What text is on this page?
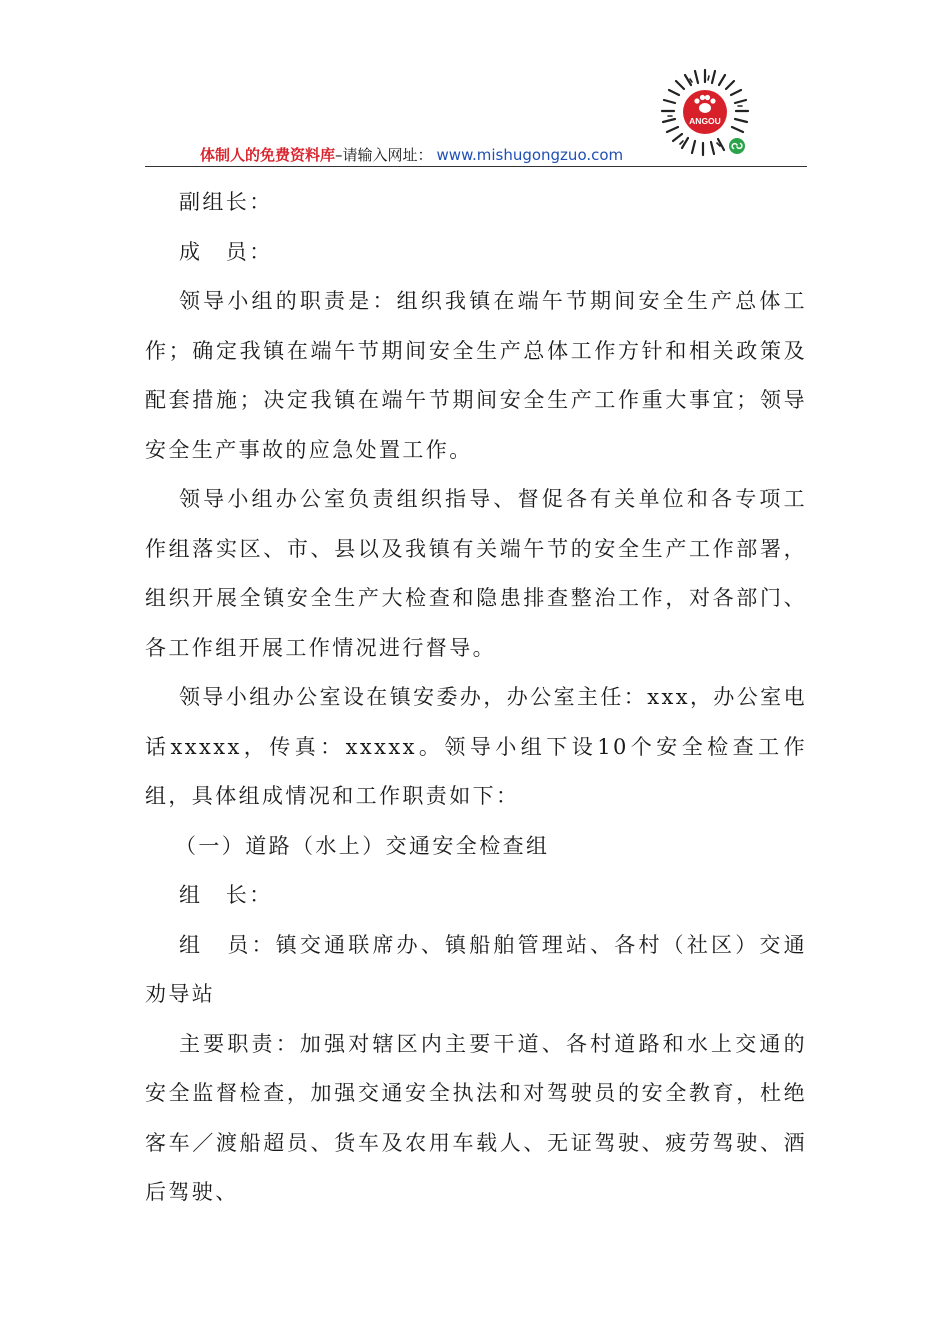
ANGOU
体制人的免费资料库–请输入网址： www.mishugongzuo.com

副组长：

成　员：

领导小组的职责是：组织我镇在端午节期间安全生产总体工作；确定我镇在端午节期间安全生产总体工作方针和相关政策及配套措施；决定我镇在端午节期间安全生产工作重大事宜；领导安全生产事故的应急处置工作。

领导小组办公室负责组织指导、督促各有关单位和各专项工作组落实区、市、县以及我镇有关端午节的安全生产工作部署，组织开展全镇安全生产大检查和隐患排查整治工作，对各部门、各工作组开展工作情况进行督导。

领导小组办公室设在镇安委办，办公室主任：xxx，办公室电话xxxxx，传真：xxxxx。领导小组下设10个安全检查工作组，具体组成情况和工作职责如下：

（一）道路（水上）交通安全检查组

组　长：

组　员：镇交通联席办、镇船舶管理站、各村（社区）交通劝导站

主要职责：加强对辖区内主要干道、各村道路和水上交通的安全监督检查，加强交通安全执法和对驾驶员的安全教育，杜绝客车／渡船超员、货车及农用车载人、无证驾驶、疲劳驾驶、酒后驾驶、
